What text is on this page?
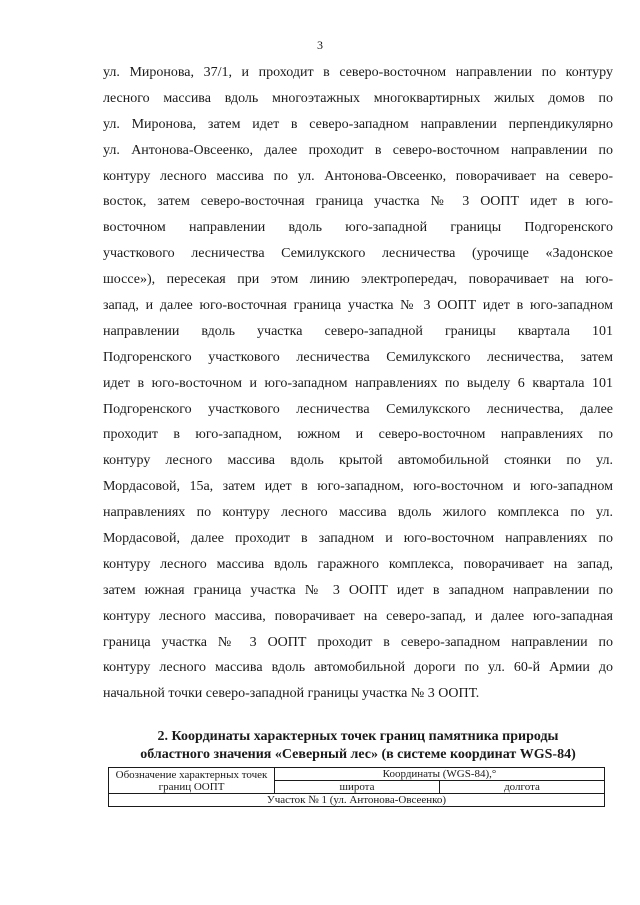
3
ул. Миронова, 37/1, и проходит в северо-восточном направлении по контуру
лесного массива вдоль многоэтажных многоквартирных жилых домов по
ул. Миронова, затем идет в северо-западном направлении перпендикулярно
ул. Антонова-Овсеенко, далее проходит в северо-восточном направлении по
контуру лесного массива по ул. Антонова-Овсеенко, поворачивает на северо-
восток, затем северо-восточная граница участка № 3 ООПТ идет в юго-
восточном направлении вдоль юго-западной границы Подгоренского
участкового лесничества Семилукского лесничества (урочище «Задонское
шоссе»), пересекая при этом линию электропередач, поворачивает на юго-
запад, и далее юго-восточная граница участка № 3 ООПТ идет в юго-западном
направлении вдоль участка северо-западной границы квартала 101
Подгоренского участкового лесничества Семилукского лесничества, затем
идет в юго-восточном и юго-западном направлениях по выделу 6 квартала 101
Подгоренского участкового лесничества Семилукского лесничества, далее
проходит в юго-западном, южном и северо-восточном направлениях по
контуру лесного массива вдоль крытой автомобильной стоянки по ул.
Мордасовой, 15а, затем идет в юго-западном, юго-восточном и юго-западном
направлениях по контуру лесного массива вдоль жилого комплекса по ул.
Мордасовой, далее проходит в западном и юго-восточном направлениях по
контуру лесного массива вдоль гаражного комплекса, поворачивает на запад,
затем южная граница участка № 3 ООПТ идет в западном направлении по
контуру лесного массива, поворачивает на северо-запад, и далее юго-западная
граница участка № 3 ООПТ проходит в северо-западном направлении по
контуру лесного массива вдоль автомобильной дороги по ул. 60-й Армии до
начальной точки северо-западной границы участка № 3 ООПТ.
2. Координаты характерных точек границ памятника природы
областного значения «Северный лес» (в системе координат WGS-84)
Обозначение характерных точек границ ООПТ	Координаты (WGS-84),°	
	широта	долгота
Участок № 1 (ул. Антонова-Овсеенко)		
